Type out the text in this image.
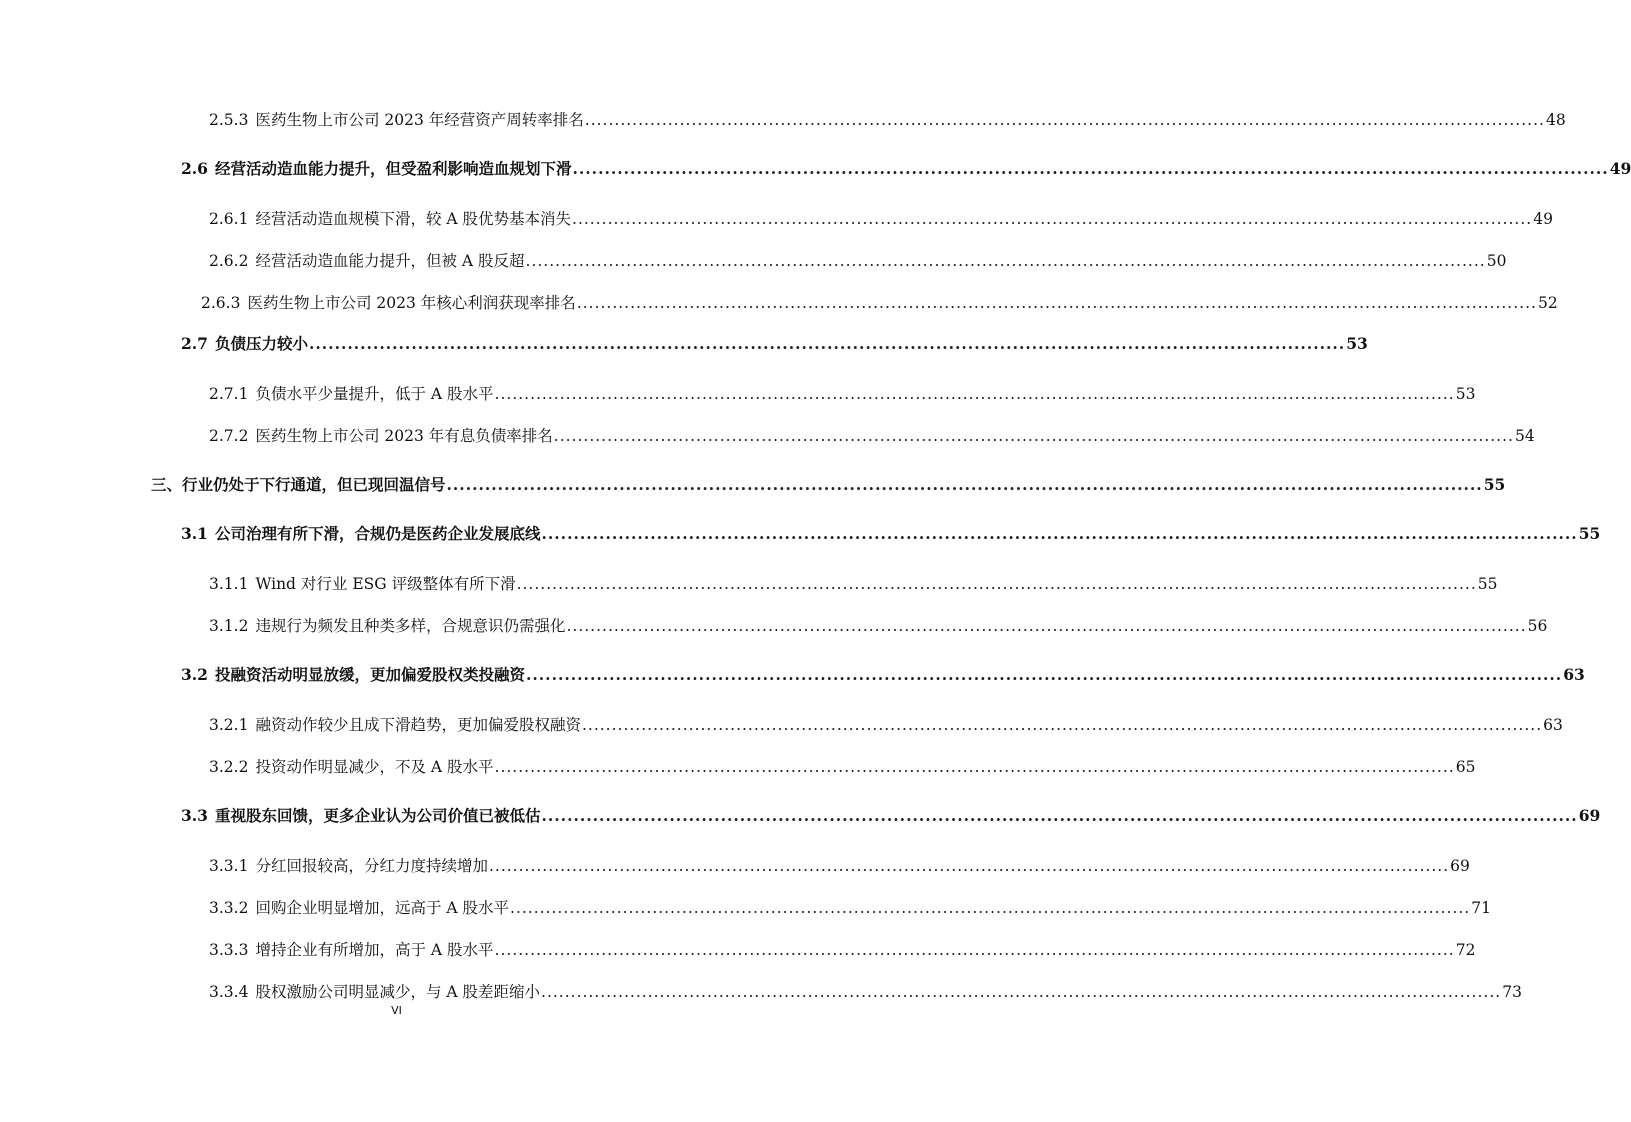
2.5.3 医药生物上市公司 2023 年经营资产周转率排名 .................................................................................................................................................................. 48
2.6 经营活动造血能力提升，但受盈利影响造血规划下滑 .................................................................................................................................................................. 49
2.6.1 经营活动造血规模下滑，较 A 股优势基本消失 .................................................................................................................................................................. 49
2.6.2 经营活动造血能力提升，但被 A 股反超 .................................................................................................................................................................. 50
2.6.3 医药生物上市公司 2023 年核心利润获现率排名 .................................................................................................................................................................. 52
2.7 负债压力较小 .................................................................................................................................................................. 53
2.7.1 负债水平少量提升，低于 A 股水平 .................................................................................................................................................................. 53
2.7.2 医药生物上市公司 2023 年有息负债率排名 .................................................................................................................................................................. 54
三、行业仍处于下行通道，但已现回温信号 .................................................................................................................................................................. 55
3.1 公司治理有所下滑，合规仍是医药企业发展底线 .................................................................................................................................................................. 55
3.1.1 Wind 对行业 ESG 评级整体有所下滑 .................................................................................................................................................................. 55
3.1.2 违规行为频发且种类多样，合规意识仍需强化 .................................................................................................................................................................. 56
3.2 投融资活动明显放缓，更加偏爱股权类投融资 .................................................................................................................................................................. 63
3.2.1 融资动作较少且成下滑趋势，更加偏爱股权融资 .................................................................................................................................................................. 63
3.2.2 投资动作明显减少，不及 A 股水平 .................................................................................................................................................................. 65
3.3 重视股东回馈，更多企业认为公司价值已被低估 .................................................................................................................................................................. 69
3.3.1 分红回报较高，分红力度持续增加 .................................................................................................................................................................. 69
3.3.2 回购企业明显增加，远高于 A 股水平 .................................................................................................................................................................. 71
3.3.3 增持企业有所增加，高于 A 股水平 .................................................................................................................................................................. 72
3.3.4 股权激励公司明显减少，与 A 股差距缩小 .................................................................................................................................................................. 73
VI
